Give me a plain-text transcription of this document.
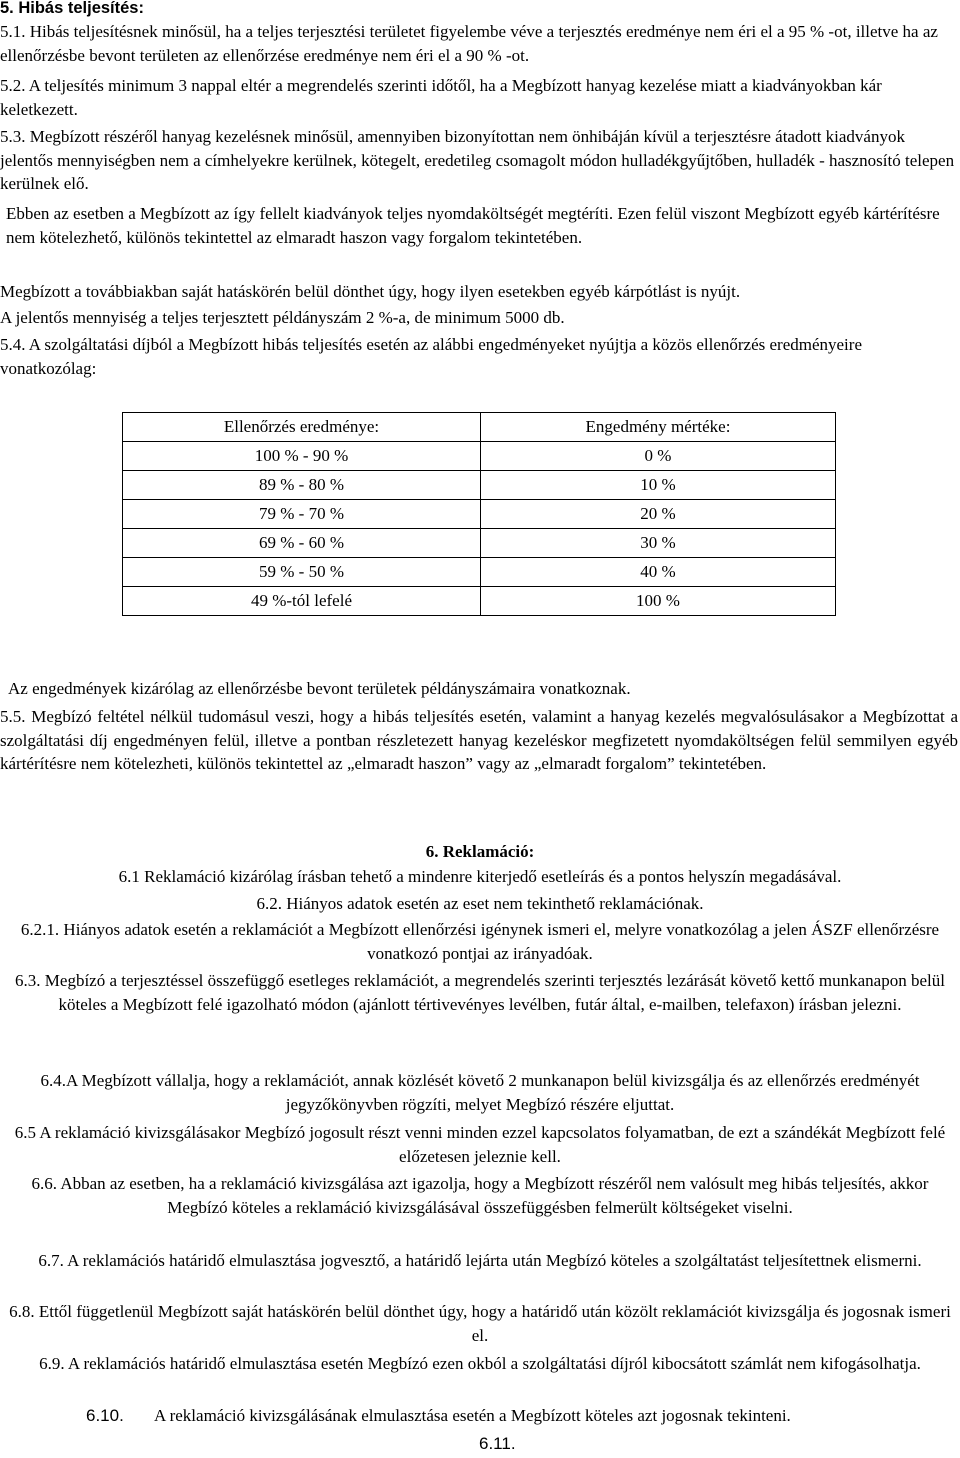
5. Hibás teljesítés:

5.1. Hibás teljesítésnek minősül, ha a teljes terjesztési területet figyelembe véve a terjesztés eredménye nem éri el a 95 % -ot, illetve ha az ellenőrzésbe bevont területen az ellenőrzése eredménye nem éri el a 90 % -ot.

5.2. A teljesítés minimum 3 nappal eltér a megrendelés szerinti időtől, ha a Megbízott hanyag kezelése miatt a kiadványokban kár keletkezett.

5.3. Megbízott részéről hanyag kezelésnek minősül, amennyiben bizonyítottan nem önhibáján kívül a terjesztésre átadott kiadványok jelentős mennyiségben nem a címhelyekre kerülnek, kötegelt, eredetileg csomagolt módon hulladékgyűjtőben, hulladék - hasznosító telepen kerülnek elő.

Ebben az esetben a Megbízott az így fellelt kiadványok teljes nyomdaköltségét megtéríti. Ezen felül viszont Megbízott egyéb kártérítésre nem kötelezhető, különös tekintettel az elmaradt haszon vagy forgalom tekintetében.

Megbízott a továbbiakban saját hatáskörén belül dönthet úgy, hogy ilyen esetekben egyéb kárpótlást is nyújt.

A jelentős mennyiség a teljes terjesztett példányszám 2 %-a, de minimum 5000 db.

5.4. A szolgáltatási díjból a Megbízott hibás teljesítés esetén az alábbi engedményeket nyújtja a közös ellenőrzés eredményeire vonatkozólag:

Ellenőrzés eredménye:	Engedmény mértéke:
100 % - 90 %	0 %
89 % - 80 %	10 %
79 % - 70 %	20 %
69 % - 60 %	30 %
59 % - 50 %	40 %
49 %-tól lefelé	100 %

Az engedmények kizárólag az ellenőrzésbe bevont területek példányszámaira vonatkoznak.

5.5. Megbízó feltétel nélkül tudomásul veszi, hogy a hibás teljesítés esetén, valamint a hanyag kezelés megvalósulásakor a Megbízottat a szolgáltatási díj engedményen felül, illetve a pontban részletezett hanyag kezeléskor megfizetett nyomdaköltségen felül semmilyen egyéb kártérítésre nem kötelezheti, különös tekintettel az „elmaradt haszon” vagy az „elmaradt forgalom” tekintetében.

6. Reklamáció:

6.1 Reklamáció kizárólag írásban tehető a mindenre kiterjedő esetleírás és a pontos helyszín megadásával.

6.2. Hiányos adatok esetén az eset nem tekinthető reklamációnak.

6.2.1. Hiányos adatok esetén a reklamációt a Megbízott ellenőrzési igénynek ismeri el, melyre vonatkozólag a jelen ÁSZF ellenőrzésre vonatkozó pontjai az irányadóak.

6.3. Megbízó a terjesztéssel összefüggő esetleges reklamációt, a megrendelés szerinti terjesztés lezárását követő kettő munkanapon belül köteles a Megbízott felé igazolható módon (ajánlott tértivevényes levélben, futár által, e-mailben, telefaxon) írásban jelezni.

6.4.A Megbízott vállalja, hogy a reklamációt, annak közlését követő 2 munkanapon belül kivizsgálja és az ellenőrzés eredményét jegyzőkönyvben rögzíti, melyet Megbízó részére eljuttat.

6.5 A reklamáció kivizsgálásakor Megbízó jogosult részt venni minden ezzel kapcsolatos folyamatban, de ezt a szándékát Megbízott felé előzetesen jeleznie kell.

6.6. Abban az esetben, ha a reklamáció kivizsgálása azt igazolja, hogy a Megbízott részéről nem valósult meg hibás teljesítés, akkor Megbízó köteles a reklamáció kivizsgálásával összefüggésben felmerült költségeket viselni.

6.7. A reklamációs határidő elmulasztása jogvesztő, a határidő lejárta után Megbízó köteles a szolgáltatást teljesítettnek elismerni.

6.8. Ettől függetlenül Megbízott saját hatáskörén belül dönthet úgy, hogy a határidő után közölt reklamációt kivizsgálja és jogosnak ismeri el.

6.9. A reklamációs határidő elmulasztása esetén Megbízó ezen okból a szolgáltatási díjról kibocsátott számlát nem kifogásolhatja.

6.10. A reklamáció kivizsgálásának elmulasztása esetén a Megbízott köteles azt jogosnak tekinteni.
6.11.
